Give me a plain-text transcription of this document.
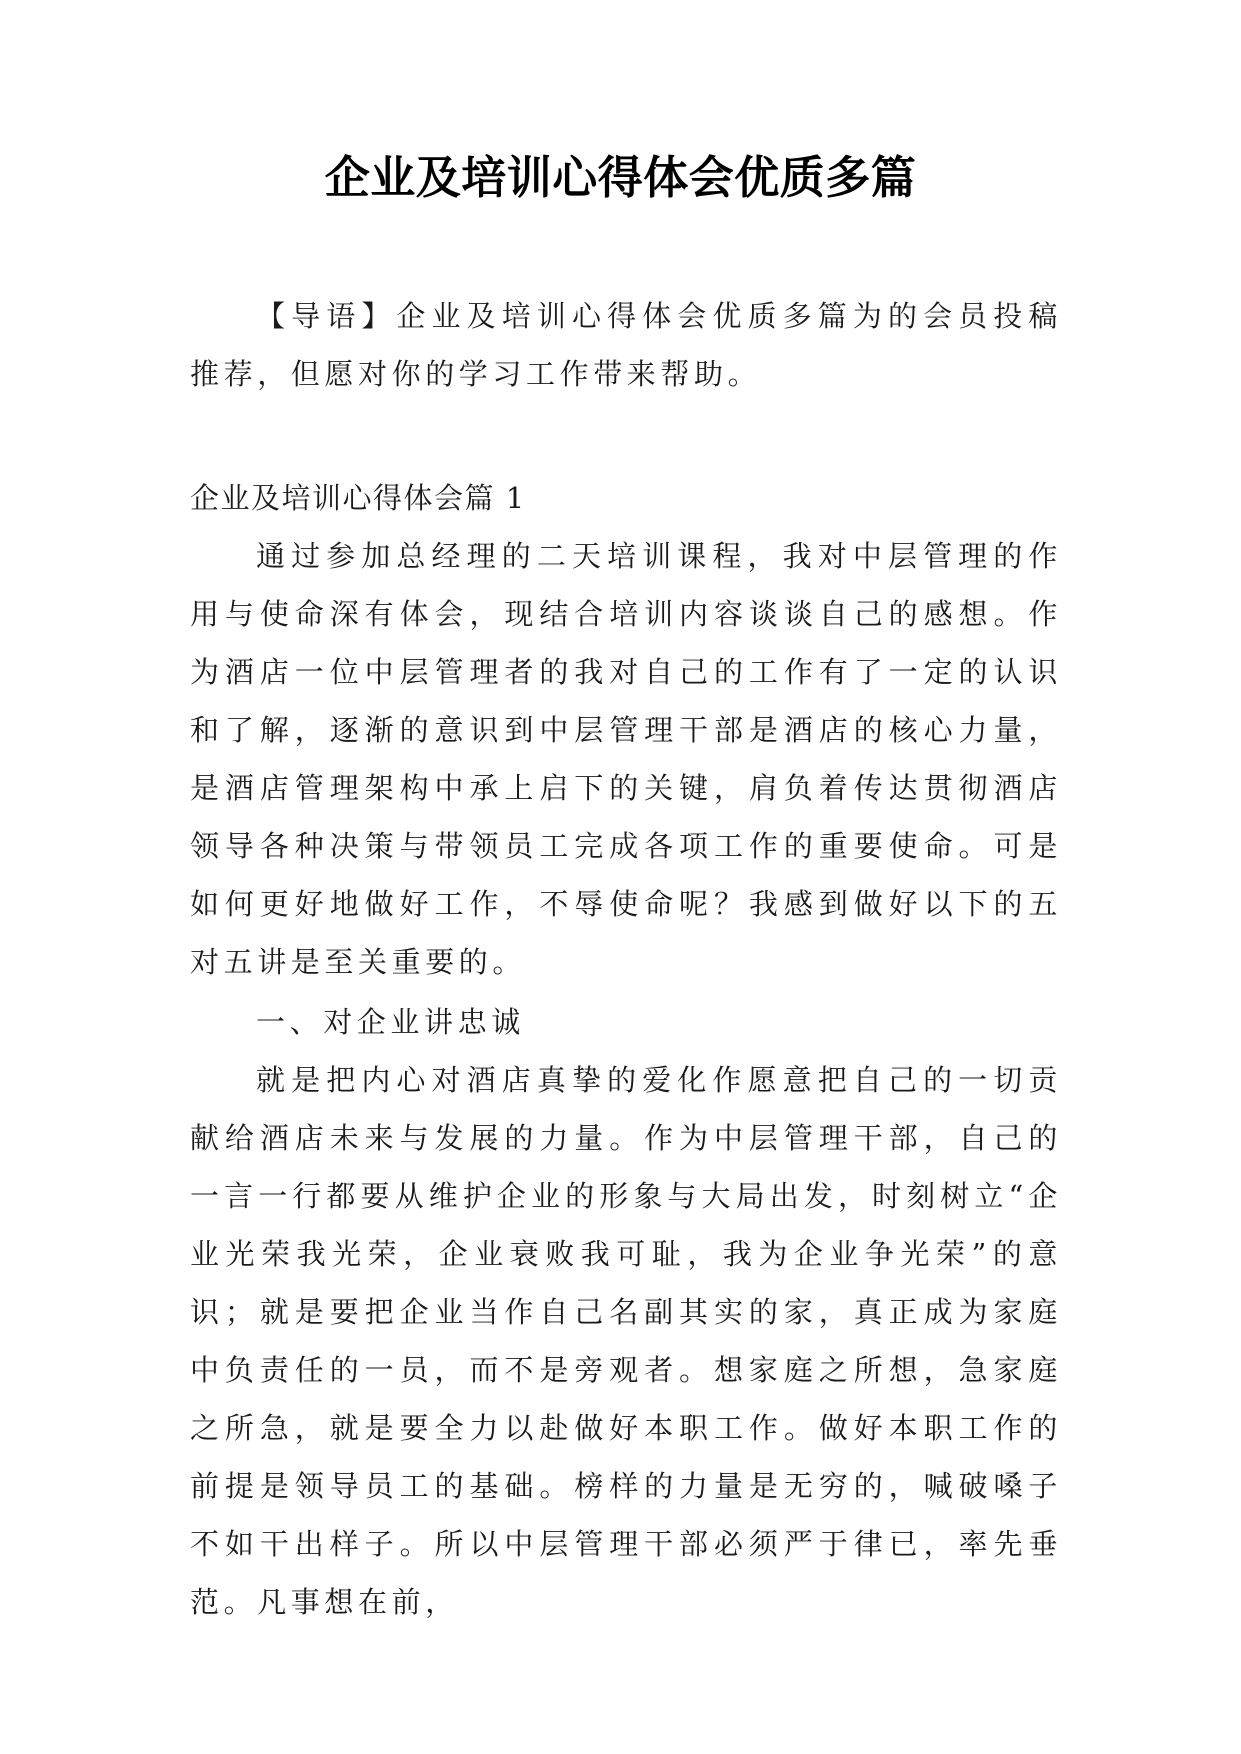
企业及培训心得体会优质多篇
【导语】企业及培训心得体会优质多篇为的会员投稿推荐，但愿对你的学习工作带来帮助。
企业及培训心得体会篇 1
通过参加总经理的二天培训课程，我对中层管理的作用与使命深有体会，现结合培训内容谈谈自己的感想。作为酒店一位中层管理者的我对自己的工作有了一定的认识和了解，逐渐的意识到中层管理干部是酒店的核心力量，是酒店管理架构中承上启下的关键，肩负着传达贯彻酒店领导各种决策与带领员工完成各项工作的重要使命。可是如何更好地做好工作，不辱使命呢？我感到做好以下的五对五讲是至关重要的。
一、对企业讲忠诚
就是把内心对酒店真挚的爱化作愿意把自己的一切贡献给酒店未来与发展的力量。作为中层管理干部，自己的一言一行都要从维护企业的形象与大局出发，时刻树立“企业光荣我光荣，企业衰败我可耻，我为企业争光荣”的意识；就是要把企业当作自己名副其实的家，真正成为家庭中负责任的一员，而不是旁观者。想家庭之所想，急家庭之所急，就是要全力以赴做好本职工作。做好本职工作的前提是领导员工的基础。榜样的力量是无穷的，喊破嗓子不如干出样子。所以中层管理干部必须严于律已，率先垂范。凡事想在前，
